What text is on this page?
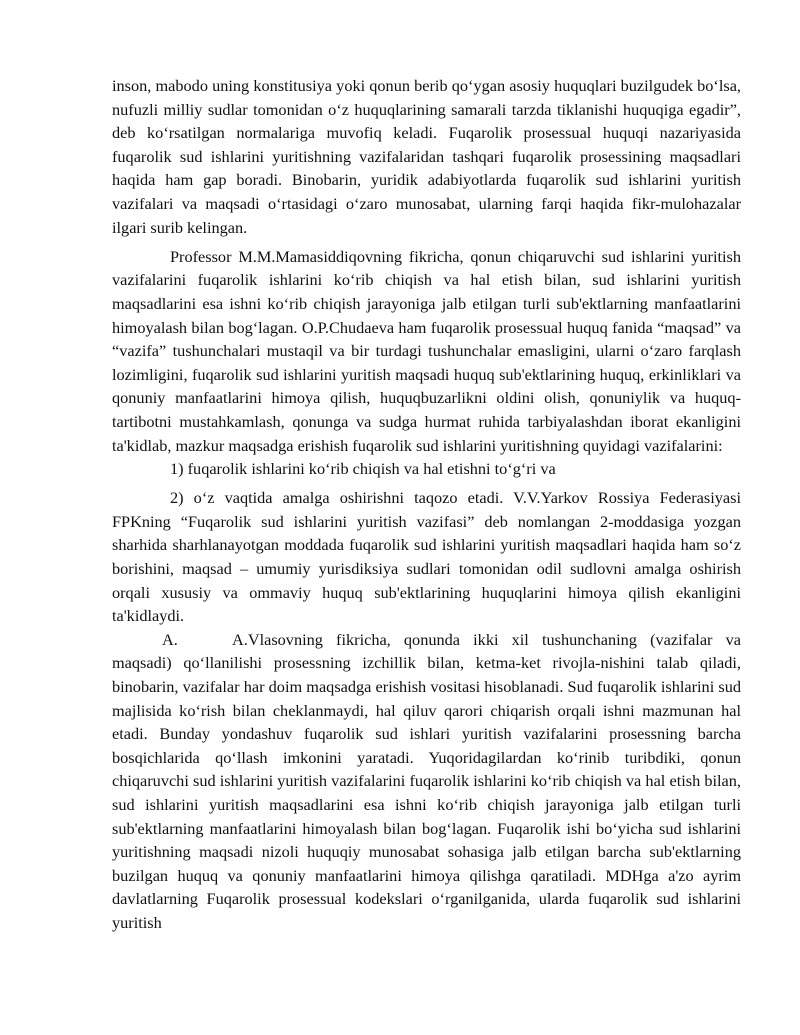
inson, mabodo uning konstitusiya yoki qonun berib qo‘ygan asosiy huquqlari buzilgudek bo‘lsa, nufuzli milliy sudlar tomonidan o‘z huquqlarining samarali tarzda tiklanishi huquqiga egadir”, deb ko‘rsatilgan normalariga muvofiq keladi. Fuqarolik prosessual huquqi nazariyasida fuqarolik sud ishlarini yuritishning vazifalaridan tashqari fuqarolik prosessining maqsadlari haqida ham gap boradi. Binobarin, yuridik adabiyotlarda fuqarolik sud ishlarini yuritish vazifalari va maqsadi o‘rtasidagi o‘zaro munosabat, ularning farqi haqida fikr-mulohazalar ilgari surib kelingan.

Professor M.M.Mamasiddiqovning fikricha, qonun chiqaruvchi sud ishlarini yuritish vazifalarini fuqarolik ishlarini ko‘rib chiqish va hal etish bilan, sud ishlarini yuritish maqsadlarini esa ishni ko‘rib chiqish jarayoniga jalb etilgan turli sub'ektlarning manfaatlarini himoyalash bilan bog‘lagan. O.P.Chudaeva ham fuqarolik prosessual huquq fanida “maqsad” va “vazifa” tushunchalari mustaqil va bir turdagi tushunchalar emasligini, ularni o‘zaro farqlash lozimligini, fuqarolik sud ishlarini yuritish maqsadi huquq sub'ektlarining huquq, erkinliklari va qonuniy manfaatlarini himoya qilish, huquqbuzarlikni oldini olish, qonuniylik va huquq-tartibotni mustahkamlash, qonunga va sudga hurmat ruhida tarbiyalashdan iborat ekanligini ta'kidlab, mazkur maqsadga erishish fuqarolik sud ishlarini yuritishning quyidagi vazifalarini:

1) fuqarolik ishlarini ko‘rib chiqish va hal etishni to‘g‘ri va

2) o‘z vaqtida amalga oshirishni taqozo etadi. V.V.Yarkov Rossiya Federasiyasi FPKning “Fuqarolik sud ishlarini yuritish vazifasi” deb nomlangan 2-moddasiga yozgan sharhida sharhlanayotgan moddada fuqarolik sud ishlarini yuritish maqsadlari haqida ham so‘z borishini, maqsad – umumiy yurisdiksiya sudlari tomonidan odil sudlovni amalga oshirish orqali xususiy va ommaviy huquq sub'ektlarining huquqlarini himoya qilish ekanligini ta'kidlaydi.

A.	A.Vlasovning fikricha, qonunda ikki xil tushunchaning (vazifalar va maqsadi) qo‘llanilishi prosessning izchillik bilan, ketma-ket rivojla-nishini talab qiladi, binobarin, vazifalar har doim maqsadga erishish vositasi hisoblanadi. Sud fuqarolik ishlarini sud majlisida ko‘rish bilan cheklanmaydi, hal qiluv qarori chiqarish orqali ishni mazmunan hal etadi. Bunday yondashuv fuqarolik sud ishlari yuritish vazifalarini prosessning barcha bosqichlarida qo‘llash imkonini yaratadi. Yuqoridagilardan ko‘rinib turibdiki, qonun chiqaruvchi sud ishlarini yuritish vazifalarini fuqarolik ishlarini ko‘rib chiqish va hal etish bilan, sud ishlarini yuritish maqsadlarini esa ishni ko‘rib chiqish jarayoniga jalb etilgan turli sub'ektlarning manfaatlarini himoyalash bilan bog‘lagan. Fuqarolik ishi bo‘yicha sud ishlarini yuritishning maqsadi nizoli huquqiy munosabat sohasiga jalb etilgan barcha sub'ektlarning buzilgan huquq va qonuniy manfaatlarini himoya qilishga qaratiladi. MDHga a'zo ayrim davlatlarning Fuqarolik prosessual kodekslari o‘rganilganida, ularda fuqarolik sud ishlarini yuritish
